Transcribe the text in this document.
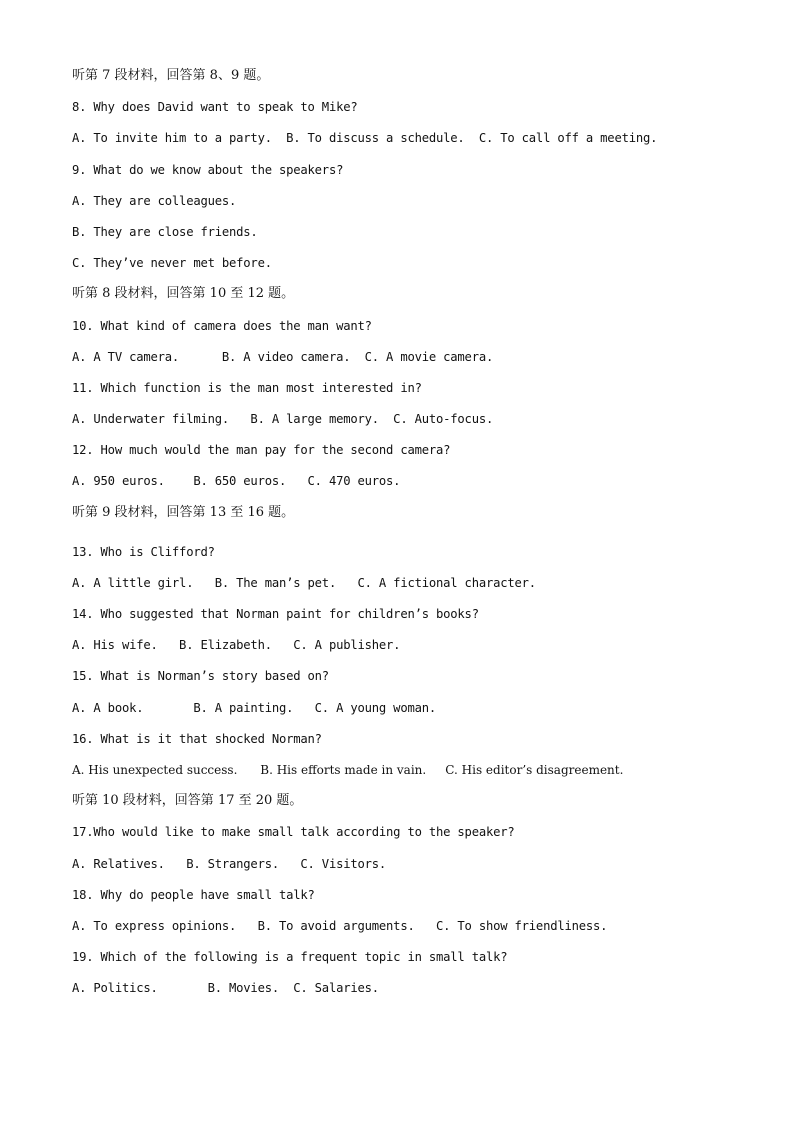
听第 7 段材料，回答第 8、9 题。
8. Why does David want to speak to Mike?
A. To invite him to a party.  B. To discuss a schedule.  C. To call off a meeting.
9. What do we know about the speakers?
A. They are colleagues.
B. They are close friends.
C. They’ve never met before.
听第 8 段材料，回答第 10 至 12 题。
10. What kind of camera does the man want?
A. A TV camera.      B. A video camera.  C. A movie camera.
11. Which function is the man most interested in?
A. Underwater filming.   B. A large memory.  C. Auto-focus.
12. How much would the man pay for the second camera?
A. 950 euros.    B. 650 euros.   C. 470 euros.
听第 9 段材料，回答第 13 至 16 题。
13. Who is Clifford?
A. A little girl.   B. The man’s pet.   C. A fictional character.
14. Who suggested that Norman paint for children’s books?
A. His wife.   B. Elizabeth.   C. A publisher.
15. What is Norman’s story based on?
A. A book.       B. A painting.   C. A young woman.
16. What is it that shocked Norman?
A. His unexpected success.      B. His efforts made in vain.     C. His editor’s disagreement.
听第 10 段材料，回答第 17 至 20 题。
17.Who would like to make small talk according to the speaker?
A. Relatives.   B. Strangers.   C. Visitors.
18. Why do people have small talk?
A. To express opinions.   B. To avoid arguments.   C. To show friendliness.
19. Which of the following is a frequent topic in small talk?
A. Politics.       B. Movies.  C. Salaries.
